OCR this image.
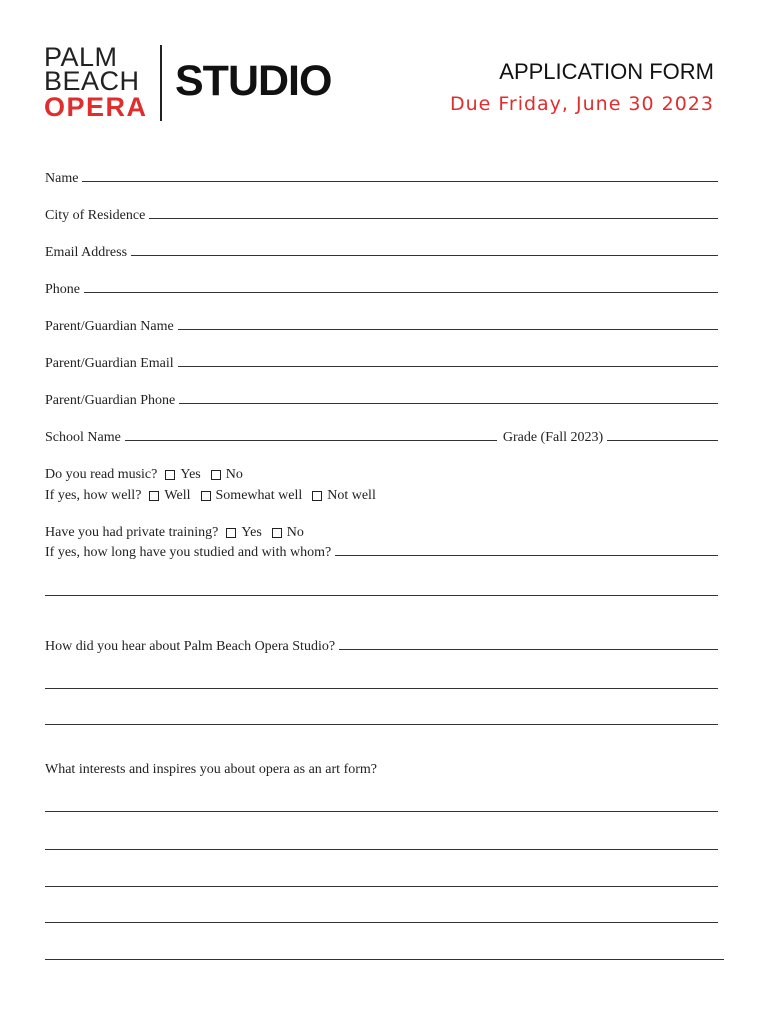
PALM
BEACH
OPERA
STUDIO	APPLICATION FORM
Due Friday, June 30 2023
Name
City of Residence
Email Address
Phone
Parent/Guardian Name
Parent/Guardian Email
Parent/Guardian Phone
School Name	Grade (Fall 2023)
Do you read music? Yes No
If yes, how well? Well Somewhat well Not well
Have you had private training? Yes No
If yes, how long have you studied and with whom?
How did you hear about Palm Beach Opera Studio?
What interests and inspires you about opera as an art form?
